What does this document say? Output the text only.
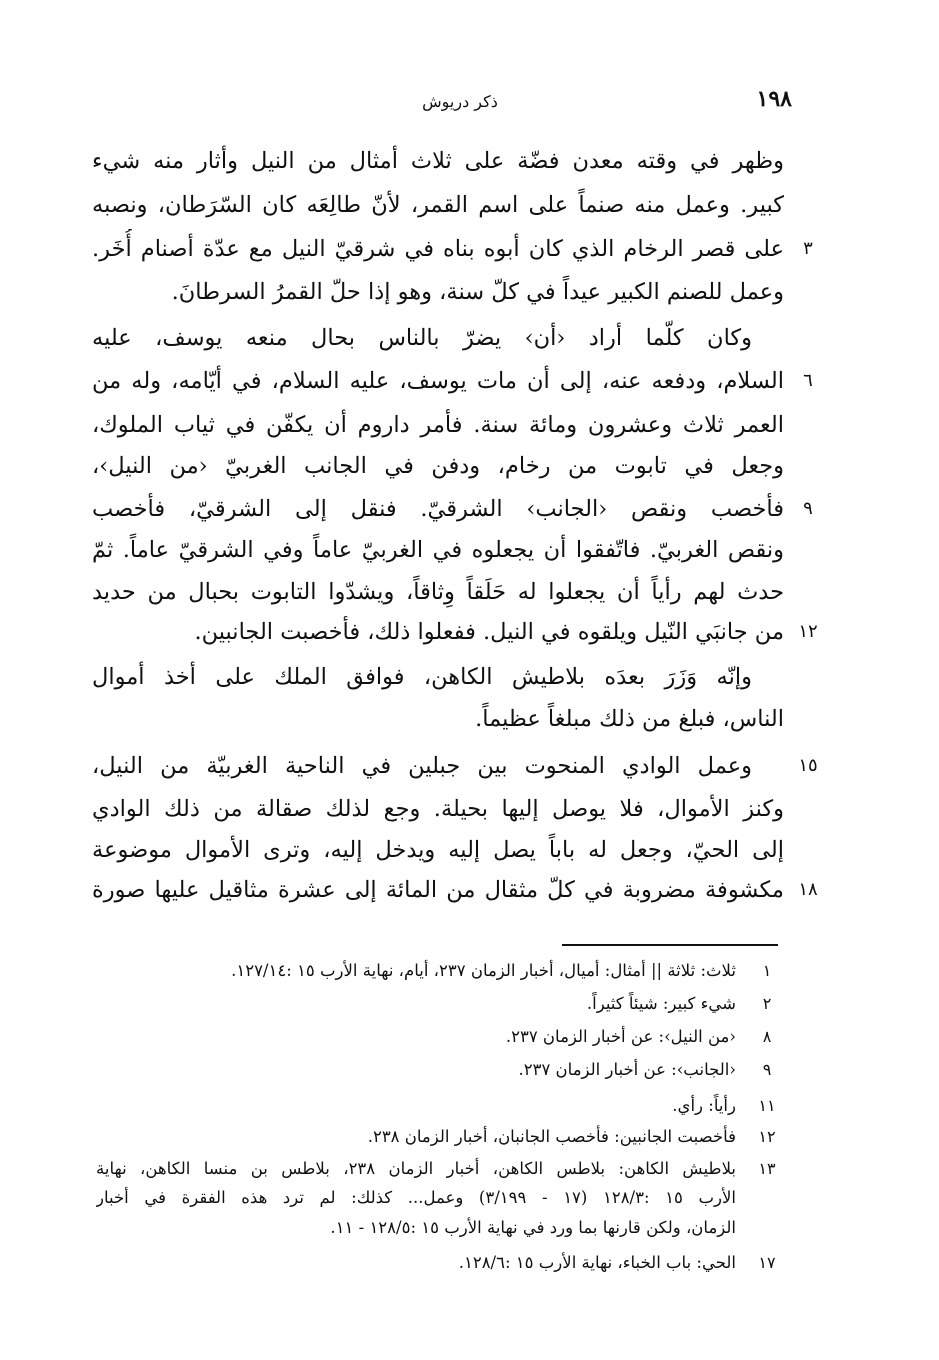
ذكر دريوش	١٩٨
وظهر في وقته معدن فضّة على ثلاث أمثال من النيل وأثار منه شيء
كبير. وعمل منه صنماً على اسم القمر، لأنّ طالِعَه كان السّرَطان، ونصبه
على قصر الرخام الذي كان أبوه بناه في شرقيّ النيل مع عدّة أصنام أُخَر.	٣
وعمل للصنم الكبير عيداً في كلّ سنة، وهو إذا حلّ القمرُ السرطانَ.
وكان كلّما أراد ‹أن› يضرّ بالناس بحال منعه يوسف، عليه
السلام، ودفعه عنه، إلى أن مات يوسف، عليه السلام، في أيّامه، وله من	٦
العمر ثلاث وعشرون ومائة سنة. فأمر داروم أن يكفّن في ثياب الملوك،
وجعل في تابوت من رخام، ودفن في الجانب الغربيّ ‹من النيل›،
فأخصب ونقص ‹الجانب› الشرقيّ. فنقل إلى الشرقيّ، فأخصب	٩
ونقص الغربيّ. فاتّفقوا أن يجعلوه في الغربيّ عاماً وفي الشرقيّ عاماً. ثمّ
حدث لهم رأياً أن يجعلوا له حَلَقاً وِثاقاً، ويشدّوا التابوت بحبال من حديد
من جانبَي النّيل ويلقوه في النيل. ففعلوا ذلك، فأخصبت الجانبين. ١٢
وإنّه وَزَرَ بعدَه بلاطيش الكاهن، فوافق الملك على أخذ أموال
الناس، فبلغ من ذلك مبلغاً عظيماً.
وعمل الوادي المنحوت بين جبلين في الناحية الغربيّة من النيل،	١٥
وكنز الأموال، فلا يوصل إليها بحيلة. وجع لذلك صقالة من ذلك الوادي
إلى الحيّ، وجعل له باباً يصل إليه ويدخل إليه، وترى الأموال موضوعة
مكشوفة مضروبة في كلّ مثقال من المائة إلى عشرة مثاقيل عليها صورة ١٨
١
ثلاث: ثلاثة || أمثال: أميال، أخبار الزمان ٢٣٧، أيام، نهاية الأرب ١٥ :١٢٧/١٤.
٢
شيء كبير: شيئاً كثيراً.
٨
‹من النيل›: عن أخبار الزمان ٢٣٧.
٩
‹الجانب›: عن أخبار الزمان ٢٣٧.
١١
رأياً: رأي.
١٢
فأخصبت الجانبين: فأخصب الجانبان، أخبار الزمان ٢٣٨.
١٣
بلاطيش الكاهن: بلاطس الكاهن، أخبار الزمان ٢٣٨، بلاطس بن منسا الكاهن، نهاية
الأرب ١٥ :١٢٨/٣ (١٧ - ٣/١٩٩) وعمل... كذلك: لم ترد هذه الفقرة في أخبار
الزمان، ولكن قارنها بما ورد في نهاية الأرب ١٥ :١٢٨/٥ - ١١.
١٧
الحي: باب الخباء، نهاية الأرب ١٥ :١٢٨/٦.
